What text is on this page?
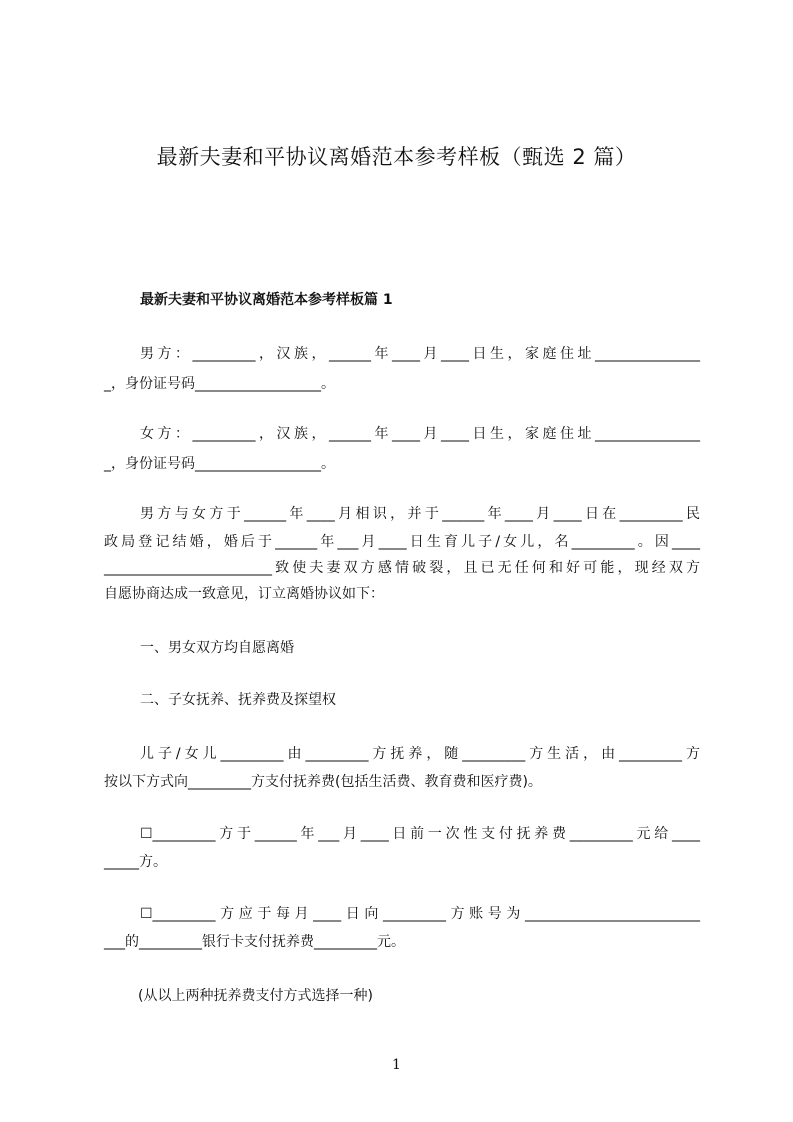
最新夫妻和平协议离婚范本参考样板（甄选 2 篇）
最新夫妻和平协议离婚范本参考样板篇 1
男方：_________，汉族，______年____月____日生，家庭住址_______________
_，身份证号码__________________。
女方：_________，汉族，______年____月____日生，家庭住址_______________
_，身份证号码__________________。
男方与女方于______年____月相识，并于______年____月____日在_________民
政局登记结婚，婚后于______年___月____日生育儿子/女儿，名_________。因____
________________________致使夫妻双方感情破裂，且已无任何和好可能，现经双方
自愿协商达成一致意见，订立离婚协议如下：
一、男女双方均自愿离婚
二、子女抚养、抚养费及探望权
儿子/女儿_________由_________方抚养，随_________方生活，由_________方
按以下方式向_________方支付抚养费(包括生活费、教育费和医疗费)。
☐_________方于______年___月____日前一次性支付抚养费_________元给____
_____方。
☐_________方应于每月____日向_________方账号为_________________________
___的_________银行卡支付抚养费_________元。
(从以上两种抚养费支付方式选择一种)
1
